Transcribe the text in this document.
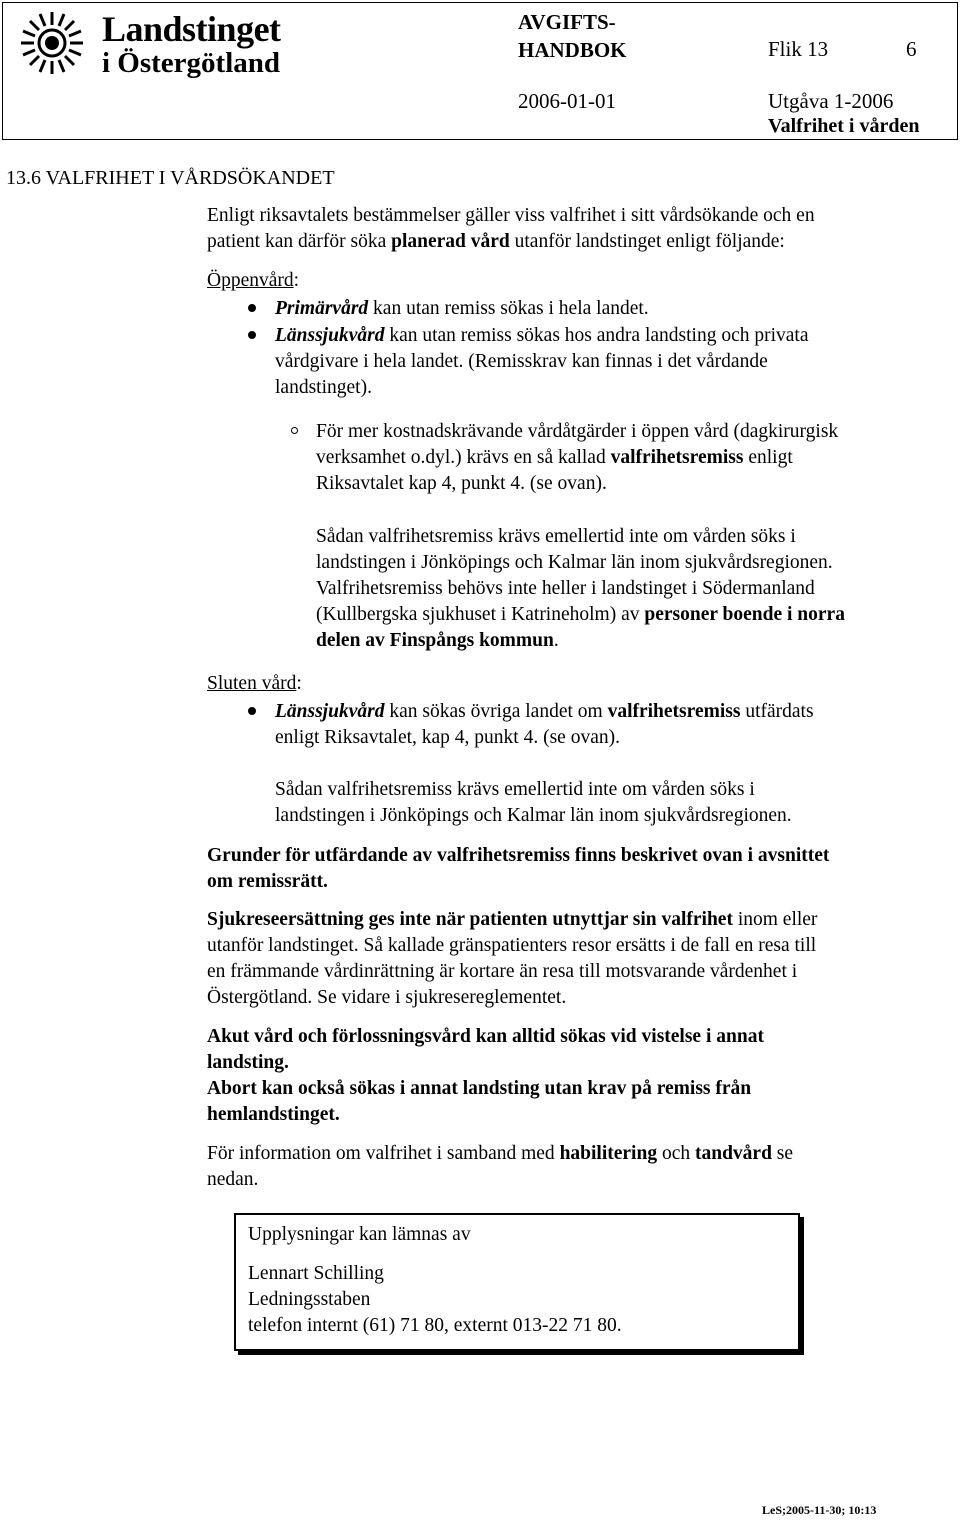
Landstinget
i Östergötland
AVGIFTS-
HANDBOK	Flik 13	6
2006-01-01	Utgåva 1-2006
Valfrihet i vården
13.6 VALFRIHET I VÅRDSÖKANDET
Enligt riksavtalets bestämmelser gäller viss valfrihet i sitt vårdsökande och en
patient kan därför söka planerad vård utanför landstinget enligt följande:
Öppenvård:
Primärvård kan utan remiss sökas i hela landet.
Länssjukvård kan utan remiss sökas hos andra landsting och privata
vårdgivare i hela landet. (Remisskrav kan finnas i det vårdande
landstinget).
För mer kostnadskrävande vårdåtgärder i öppen vård (dagkirurgisk
verksamhet o.dyl.) krävs en så kallad valfrihetsremiss enligt
Riksavtalet kap 4, punkt 4. (se ovan).
Sådan valfrihetsremiss krävs emellertid inte om vården söks i
landstingen i Jönköpings och Kalmar län inom sjukvårdsregionen.
Valfrihetsremiss behövs inte heller i landstinget i Södermanland
(Kullbergska sjukhuset i Katrineholm) av personer boende i norra
delen av Finspångs kommun.
Sluten vård:
Länssjukvård kan sökas övriga landet om valfrihetsremiss utfärdats
enligt Riksavtalet, kap 4, punkt 4. (se ovan).
Sådan valfrihetsremiss krävs emellertid inte om vården söks i
landstingen i Jönköpings och Kalmar län inom sjukvårdsregionen.
Grunder för utfärdande av valfrihetsremiss finns beskrivet ovan i avsnittet
om remissrätt.
Sjukreseersättning ges inte när patienten utnyttjar sin valfrihet inom eller
utanför landstinget. Så kallade gränspatienters resor ersätts i de fall en resa till
en främmande vårdinrättning är kortare än resa till motsvarande vårdenhet i
Östergötland. Se vidare i sjukresereglementet.
Akut vård och förlossningsvård kan alltid sökas vid vistelse i annat
landsting.
Abort kan också sökas i annat landsting utan krav på remiss från
hemlandstinget.
För information om valfrihet i samband med habilitering och tandvård se
nedan.
Upplysningar kan lämnas av
Lennart Schilling
Ledningsstaben
telefon internt (61) 71 80, externt 013-22 71 80.
LeS;2005-11-30; 10:13
